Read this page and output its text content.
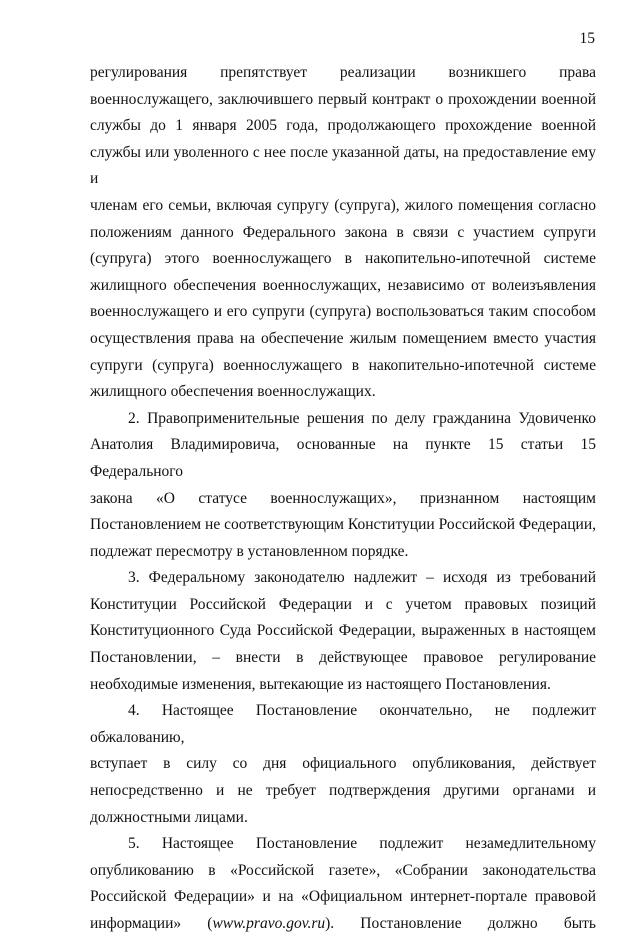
15

регулирования препятствует реализации возникшего права
военнослужащего, заключившего первый контракт о прохождении военной
службы до 1 января 2005 года, продолжающего прохождение военной
службы или уволенного с нее после указанной даты, на предоставление ему и
членам его семьи, включая супругу (супруга), жилого помещения согласно
положениям данного Федерального закона в связи с участием супруги
(супруга) этого военнослужащего в накопительно-ипотечной системе
жилищного обеспечения военнослужащих, независимо от волеизъявления
военнослужащего и его супруги (супруга) воспользоваться таким способом
осуществления права на обеспечение жилым помещением вместо участия
супруги (супруга) военнослужащего в накопительно-ипотечной системе
жилищного обеспечения военнослужащих.

2. Правоприменительные решения по делу гражданина Удовиченко
Анатолия Владимировича, основанные на пункте 15 статьи 15 Федерального
закона «О статусе военнослужащих», признанном настоящим
Постановлением не соответствующим Конституции Российской Федерации,
подлежат пересмотру в установленном порядке.

3. Федеральному законодателю надлежит – исходя из требований
Конституции Российской Федерации и с учетом правовых позиций
Конституционного Суда Российской Федерации, выраженных в настоящем
Постановлении, – внести в действующее правовое регулирование
необходимые изменения, вытекающие из настоящего Постановления.

4. Настоящее Постановление окончательно, не подлежит обжалованию,
вступает в силу со дня официального опубликования, действует
непосредственно и не требует подтверждения другими органами и
должностными лицами.

5. Настоящее Постановление подлежит незамедлительному
опубликованию в «Российской газете», «Собрании законодательства
Российской Федерации» и на «Официальном интернет-портале правовой
информации» (www.pravo.gov.ru). Постановление должно быть
